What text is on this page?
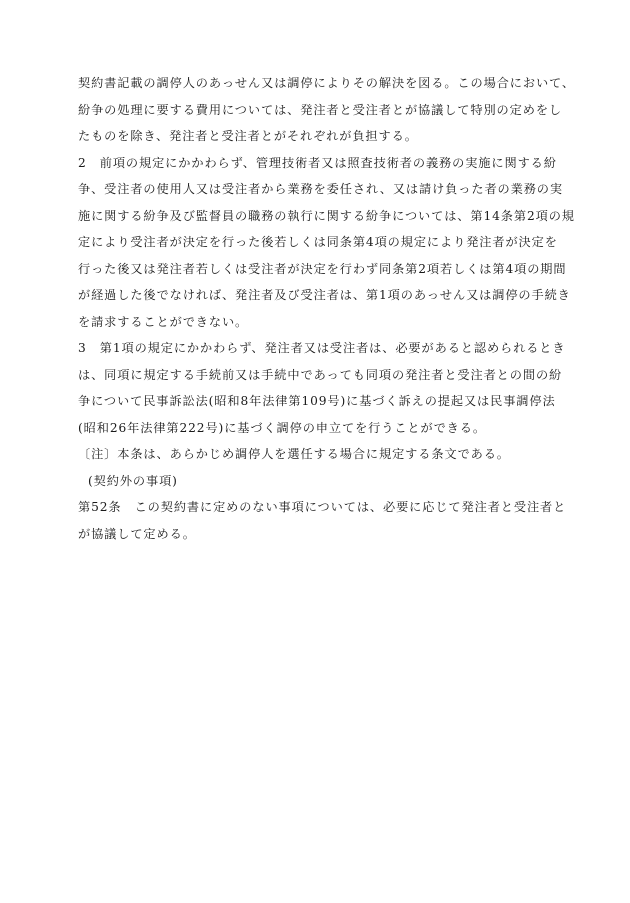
契約書記載の調停人のあっせん又は調停によりその解決を図る。この場合において、
紛争の処理に要する費用については、発注者と受注者とが協議して特別の定めをし
たものを除き、発注者と受注者とがそれぞれが負担する。
2　前項の規定にかかわらず、管理技術者又は照査技術者の義務の実施に関する紛
争、受注者の使用人又は受注者から業務を委任され、又は請け負った者の業務の実
施に関する紛争及び監督員の職務の執行に関する紛争については、第14条第2項の規
定により受注者が決定を行った後若しくは同条第4項の規定により発注者が決定を
行った後又は発注者若しくは受注者が決定を行わず同条第2項若しくは第4項の期間
が経過した後でなければ、発注者及び受注者は、第1項のあっせん又は調停の手続き
を請求することができない。
3　第1項の規定にかかわらず、発注者又は受注者は、必要があると認められるとき
は、同項に規定する手続前又は手続中であっても同項の発注者と受注者との間の紛
争について民事訴訟法(昭和8年法律第109号)に基づく訴えの提起又は民事調停法
(昭和26年法律第222号)に基づく調停の申立てを行うことができる。
〔注〕本条は、あらかじめ調停人を選任する場合に規定する条文である。
(契約外の事項)
第52条　この契約書に定めのない事項については、必要に応じて発注者と受注者と
が協議して定める。
